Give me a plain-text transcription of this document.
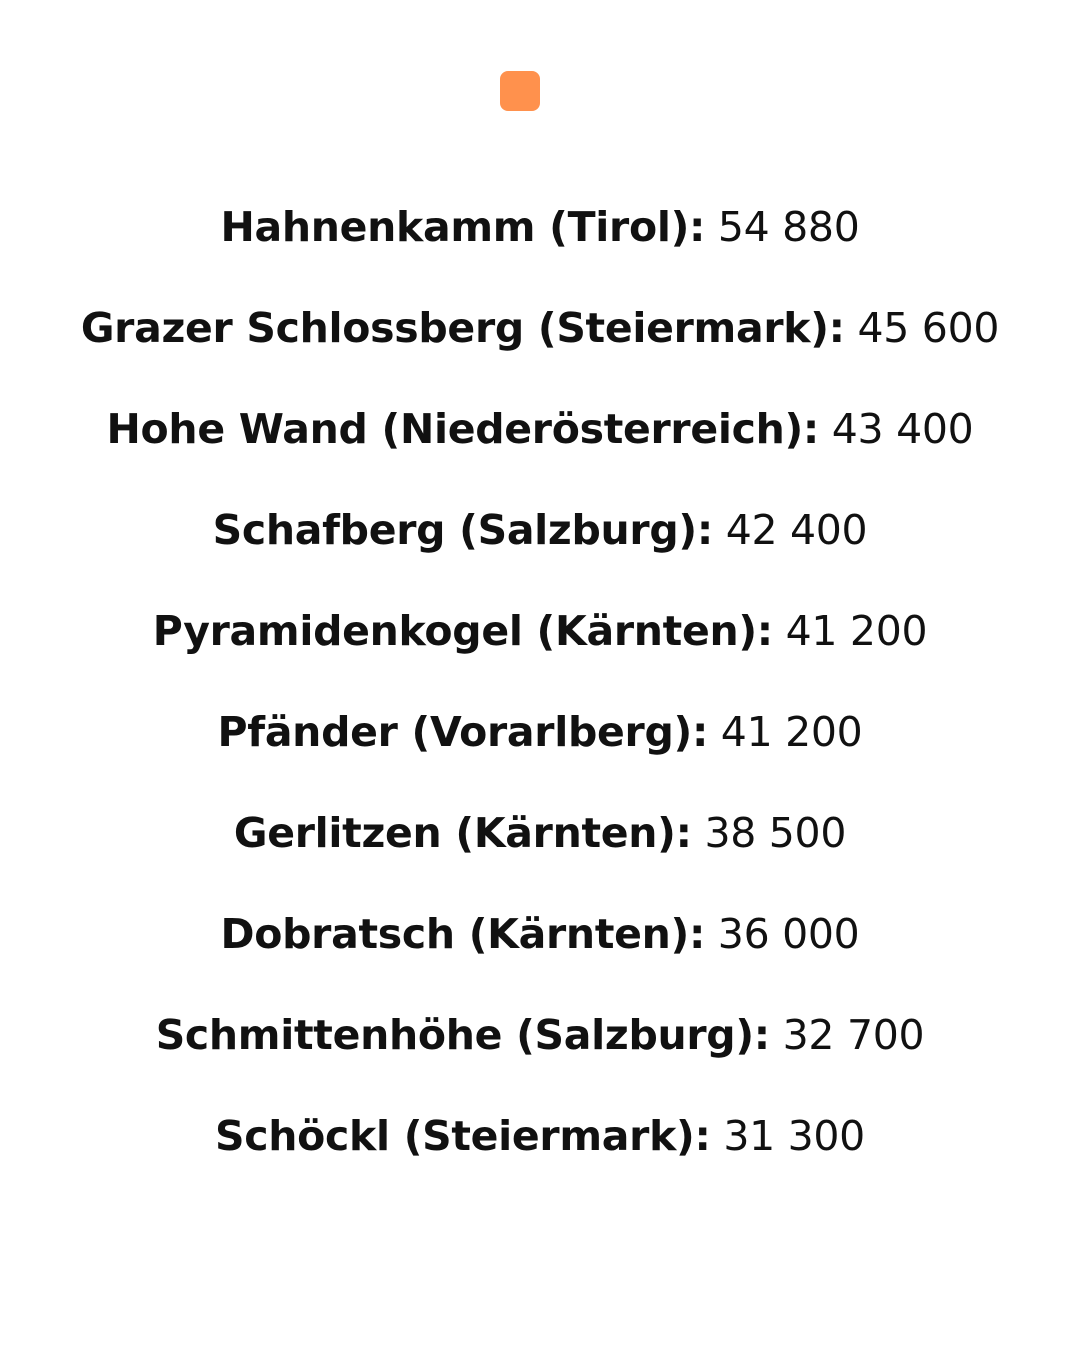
Hahnenkamm (Tirol): 54 880
Grazer Schlossberg (Steiermark): 45 600
Hohe Wand (Niederösterreich): 43 400
Schafberg (Salzburg): 42 400
Pyramidenkogel (Kärnten): 41 200
Pfänder (Vorarlberg): 41 200
Gerlitzen (Kärnten): 38 500
Dobratsch (Kärnten): 36 000
Schmittenhöhe (Salzburg): 32 700
Schöckl (Steiermark): 31 300
